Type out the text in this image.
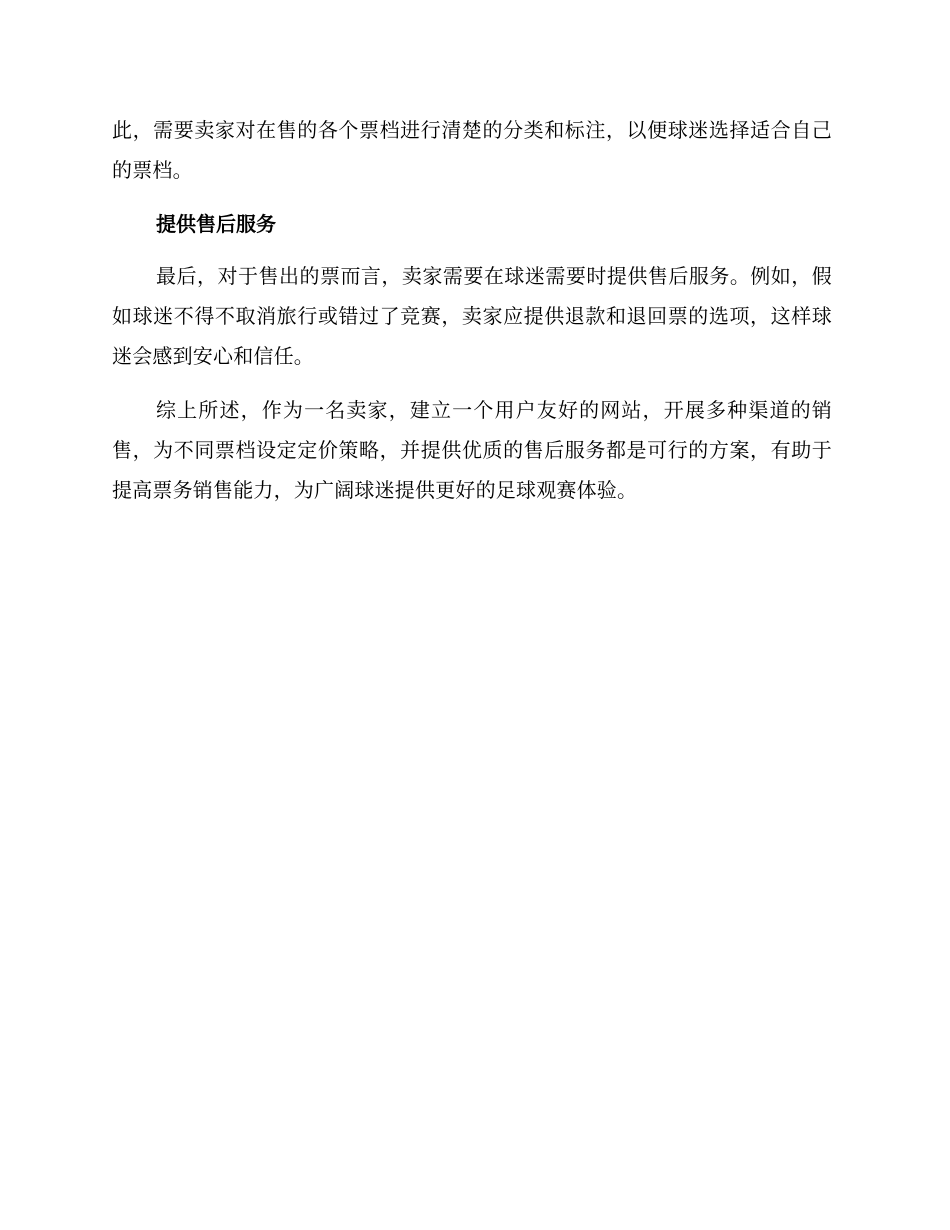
此，需要卖家对在售的各个票档进行清楚的分类和标注，以便球迷选择适合自己的票档。

提供售后服务

最后，对于售出的票而言，卖家需要在球迷需要时提供售后服务。例如，假如球迷不得不取消旅行或错过了竞赛，卖家应提供退款和退回票的选项，这样球迷会感到安心和信任。

综上所述，作为一名卖家，建立一个用户友好的网站，开展多种渠道的销售，为不同票档设定定价策略，并提供优质的售后服务都是可行的方案，有助于提高票务销售能力，为广阔球迷提供更好的足球观赛体验。
